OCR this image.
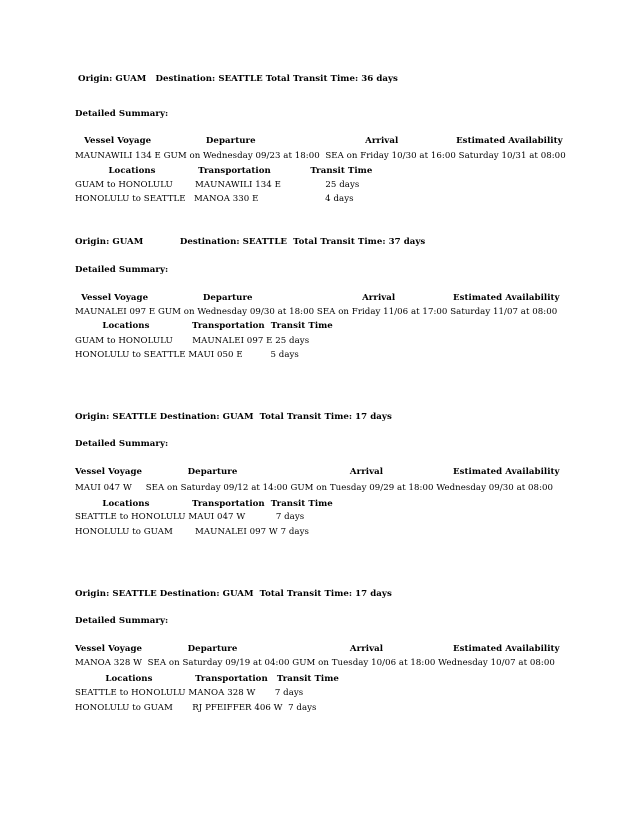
Origin: GUAM   Destination: SEATTLE Total Transit Time: 36 days
Detailed Summary:
Vessel Voyage                  Departure                                    Arrival                   Estimated Availability
MAUNAWILI 134 E GUM on Wednesday 09/23 at 18:00  SEA on Friday 10/30 at 16:00 Saturday 10/31 at 08:00
Locations              Transportation             Transit Time
GUAM to HONOLULU        MAUNAWILI 134 E                25 days
HONOLULU to SEATTLE   MANOA 330 E                        4 days
Origin: GUAM            Destination: SEATTLE  Total Transit Time: 37 days
Detailed Summary:
Vessel Voyage                  Departure                                    Arrival                   Estimated Availability
MAUNALEI 097 E GUM on Wednesday 09/30 at 18:00 SEA on Friday 11/06 at 17:00 Saturday 11/07 at 08:00
Locations              Transportation  Transit Time
GUAM to HONOLULU       MAUNALEI 097 E 25 days
HONOLULU to SEATTLE MAUI 050 E          5 days
Origin: SEATTLE Destination: GUAM  Total Transit Time: 17 days
Detailed Summary:
Vessel Voyage               Departure                                     Arrival                       Estimated Availability
MAUI 047 W     SEA on Saturday 09/12 at 14:00 GUM on Tuesday 09/29 at 18:00 Wednesday 09/30 at 08:00
Locations              Transportation  Transit Time
SEATTLE to HONOLULU MAUI 047 W           7 days
HONOLULU to GUAM        MAUNALEI 097 W 7 days
Origin: SEATTLE Destination: GUAM  Total Transit Time: 17 days
Detailed Summary:
Vessel Voyage               Departure                                     Arrival                       Estimated Availability
MANOA 328 W  SEA on Saturday 09/19 at 04:00 GUM on Tuesday 10/06 at 18:00 Wednesday 10/07 at 08:00
Locations              Transportation   Transit Time
SEATTLE to HONOLULU MANOA 328 W       7 days
HONOLULU to GUAM       RJ PFEIFFER 406 W  7 days
